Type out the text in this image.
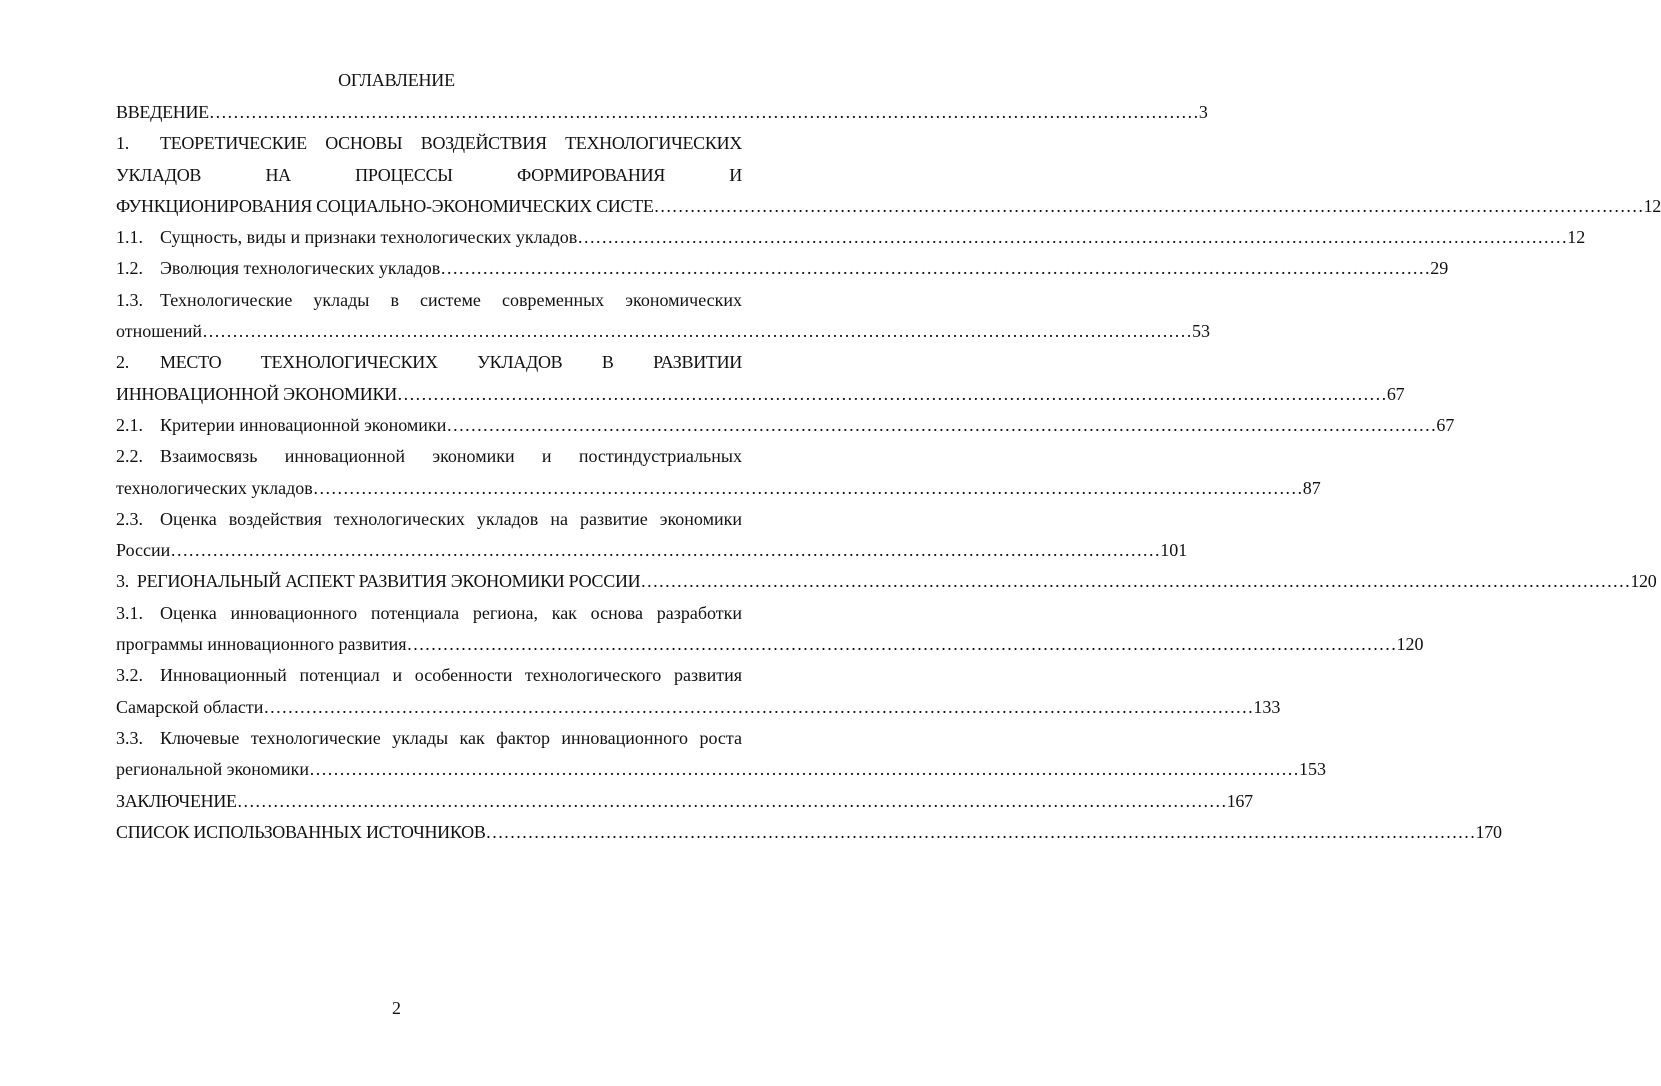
ОГЛАВЛЕНИЕ
ВВЕДЕНИЕ …………………………………………………………………………………………………………………………………………………	3
1.	ТЕОРЕТИЧЕСКИЕ ОСНОВЫ ВОЗДЕЙСТВИЯ ТЕХНОЛОГИЧЕСКИХ
УКЛАДОВ НА ПРОЦЕССЫ ФОРМИРОВАНИЯ И
ФУНКЦИОНИРОВАНИЯ СОЦИАЛЬНО-ЭКОНОМИЧЕСКИХ СИСТЕ …………………………………………………………………………………………………………………………………………………	12
1.1. Сущность, виды и признаки технологических укладов …………………………………………………………………………………………………………………………………………………	12
1.2. Эволюция технологических укладов …………………………………………………………………………………………………………………………………………………	29
1.3. Технологические уклады в системе современных экономических
отношений …………………………………………………………………………………………………………………………………………………	53
2.	МЕСТО ТЕХНОЛОГИЧЕСКИХ УКЛАДОВ В РАЗВИТИИ
ИННОВАЦИОННОЙ ЭКОНОМИКИ …………………………………………………………………………………………………………………………………………………	67
2.1. Критерии инновационной экономики …………………………………………………………………………………………………………………………………………………	67
2.2. Взаимосвязь инновационной экономики и постиндустриальных
технологических укладов …………………………………………………………………………………………………………………………………………………	87
2.3. Оценка воздействия технологических укладов на развитие экономики
России …………………………………………………………………………………………………………………………………………………	101
3. РЕГИОНАЛЬНЫЙ АСПЕКТ РАЗВИТИЯ ЭКОНОМИКИ РОССИИ …………………………………………………………………………………………………………………………………………………	120
3.1. Оценка инновационного потенциала региона, как основа разработки
программы инновационного развития …………………………………………………………………………………………………………………………………………………	120
3.2. Инновационный потенциал и особенности технологического развития
Самарской области …………………………………………………………………………………………………………………………………………………	133
3.3. Ключевые технологические уклады как фактор инновационного роста
региональной экономики …………………………………………………………………………………………………………………………………………………	153
ЗАКЛЮЧЕНИЕ …………………………………………………………………………………………………………………………………………………	167
СПИСОК ИСПОЛЬЗОВАННЫХ ИСТОЧНИКОВ …………………………………………………………………………………………………………………………………………………	170
2
